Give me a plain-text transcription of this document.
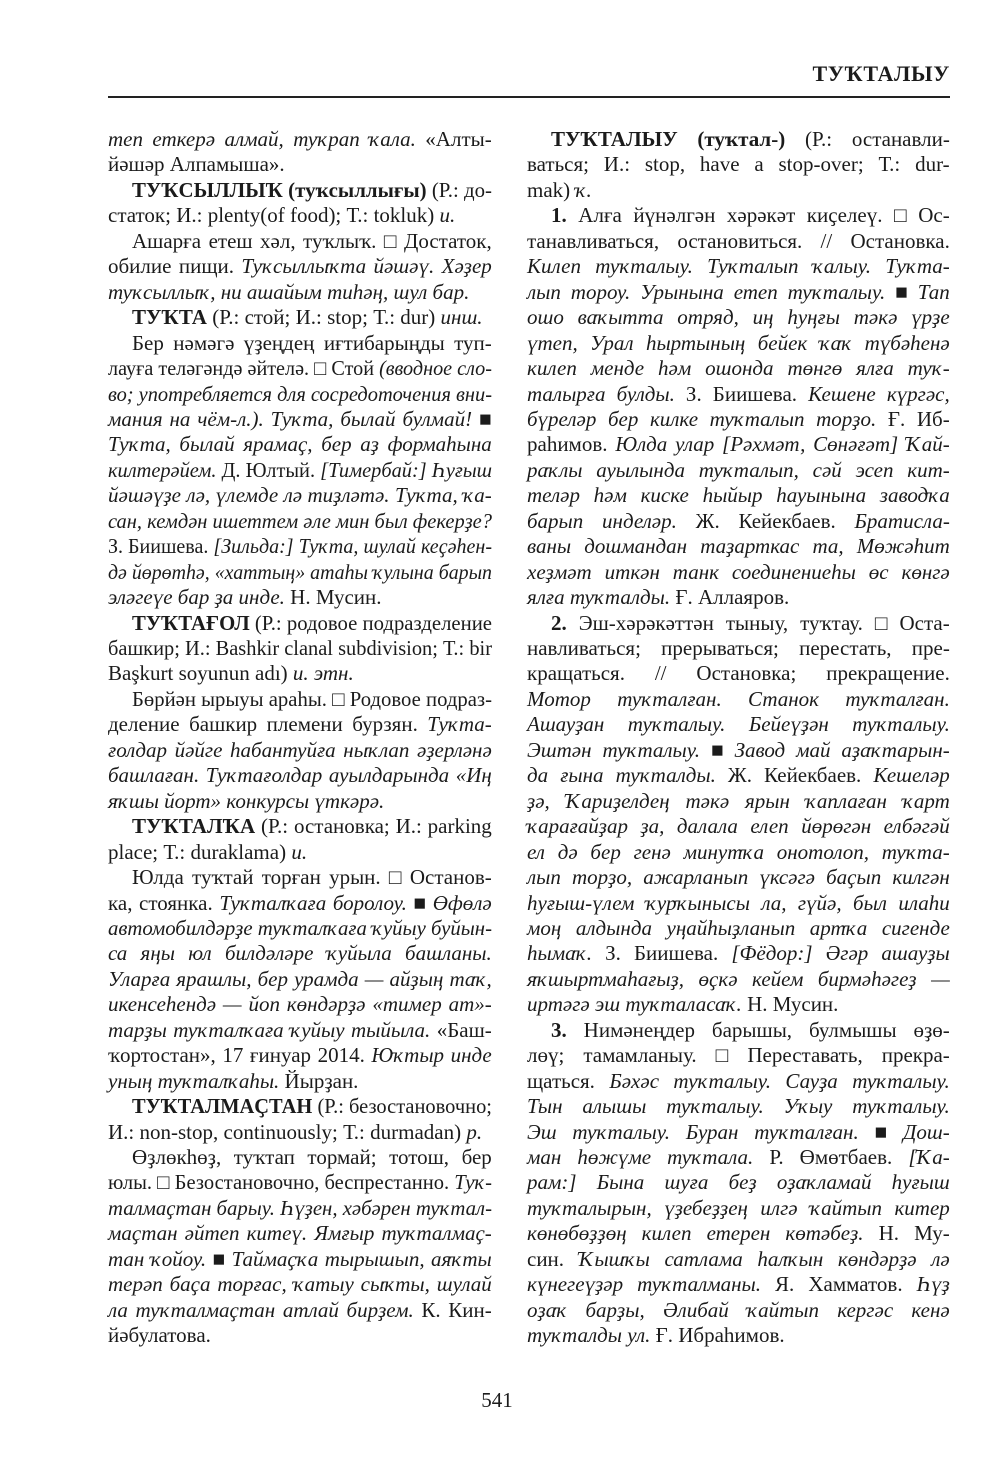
ТУҠТАЛЫУ
теп еткерә алмай, туҡрап ҡала. «Алты-
йәшәр Алпамыша».
ТУҠСЫЛЛЫҠ (туҡсыллығы) (Р.: до-
статок; И.: plenty(of food); Т.: tokluk) и.
Ашарға етеш хәл, туҡлыҡ. □ Достаток,
обилие пищи. Туҡсыллыҡта йәшәү. Хәҙер
туҡсыллыҡ, ни ашайым тиһәң, шул бар.
ТУҠТА (Р.: стой; И.: stop; Т.: dur) инш.
Бер нәмәгә үҙеңдең иғтибарыңды туп-
лауға теләгәндә әйтелә. □ Стой (вводное сло-
во; употребляется для сосредоточения вни-
мания на чём-л.). Туҡта, былай булмай! ■
Туҡта, былай ярамаҫ, бер аҙ формаһына
килтерәйем. Д. Юлтый. [Тимербай:] Һуғыш
йәшәүҙе лә, үлемде лә тиҙләтә. Туҡта, ҡа-
сан, кемдән ишеттем әле мин был фекерҙе?
З. Биишева. [Зильда:] Туҡта, шулай кеҫәһен-
дә йөрөтһә, «хаттың» атаһы ҡулына барып
эләгеүе бар ҙа инде. Н. Мусин.
ТУҠТАҒОЛ (Р.: родовое подразделение
башкир; И.: Bashkir clanal subdivision; Т.: bir
Başkurt soyunun adı) и. этн.
Бөрйән ырыуы араһы. □ Родовое подраз-
деление башкир племени бурзян. Туҡта-
ғолдар йәйге һабантуйға ныҡлап әҙерләнә
башлаған. Туҡтағолдар ауылдарында «Иң
яҡшы йорт» конкурсы үткәрә.
ТУҠТАЛҠА (Р.: остановка; И.: parking
place; Т.: duraklama) и.
Юлда туҡтай торған урын. □ Останов-
ка, стоянка. Туҡталҡаға боролоу. ■ Өфөлә
автомобилдәрҙе туҡталҡаға ҡуйыу буйын-
са яңы юл билдәләре ҡуйыла башланы.
Уларға ярашлы, бер урамда — айҙың таҡ,
икенсеһендә — йоп көндәрҙә «тимер ат»-
тарҙы туҡталҡаға ҡуйыу тыйыла. «Баш-
ҡортостан», 17 ғинуар 2014. Юҡтыр инде
уның туҡталҡаһы. Йырҙан.
ТУҠТАЛМАҪТАН (Р.: безостановочно;
И.: non-stop, continuously; Т.: durmadan) р.
Өҙлөкһөҙ, туҡтап тормай; тотош, бер
юлы. □ Безостановочно, беспрестанно. Туҡ-
талмаҫтан барыу. Һүҙен, хәбәрен туҡтал-
маҫтан әйтеп китеү. Ямғыр туҡталмаҫ-
тан ҡойоу. ■ Таймаҫҡа тырышып, аяҡты
терәп баҫа торғас, ҡатыу сыҡты, шулай
ла туҡталмаҫтан атлай бирҙем. К. Кин-
йәбулатова.
ТУҠТАЛЫУ (туҡтал-) (Р.: останавли-
ваться; И.: stop, have a stop-over; Т.: dur-
mak) ҡ.
1. Алға йүнәлгән хәрәкәт киҫелеү. □ Ос-
танавливаться, остановиться. // Остановка.
Килеп туҡталыу. Туҡталып ҡалыу. Туҡта-
лып тороу. Урынына етеп туҡталыу. ■ Тап
ошо ваҡытта отряд, иң һуңғы тәкә үрҙе
үтеп, Урал һыртының бейек ҡаҡ түбәһенә
килеп менде һәм ошонда төнгө ялға туҡ-
талырға булды. З. Биишева. Кешене күргәс,
бүреләр бер килке туҡталып торҙо. Ғ. Иб-
раһимов. Юлда улар [Рәхмәт, Сөнәғәт] Ҡай-
раҡлы ауылында туҡталып, сәй эсеп кит-
теләр һәм киске һыйыр һауынына заводҡа
барып инделәр. Ж. Кейекбаев. Братисла-
ваны дошмандан таҙарткас та, Мөжәһит
хеҙмәт иткән танк соединениеһы өс көнгә
ялға туҡталды. Ғ. Аллаяров.
2. Эш-хәрәкәттән тыныу, туҡтау. □ Оста-
навливаться; прерываться; перестать, пре-
кращаться. // Остановка; прекращение.
Мотор туҡталған. Станок туҡталған.
Ашауҙан туҡталыу. Бейеүҙән туҡталыу.
Эштән туҡталыу. ■ Завод май аҙаҡтарын-
да ғына туҡталды. Ж. Кейекбаев. Кешеләр
ҙә, Ҡариҙелдең тәкә ярын ҡаплаған ҡарт
ҡарағайҙар ҙа, далала елеп йөрөгән елбәгәй
ел дә бер генә минутҡа онотолоп, туҡта-
лып торҙо, ажарланып үксәгә баҫып килгән
һуғыш-үлем ҡурҡынысы ла, гүйә, был илаһи
моң алдында уңайһыҙланып артҡа сигенде
һымаҡ. З. Биишева. [Фёдор:] Әгәр ашауҙы
яҡшыртмаһағыҙ, өҫкә кейем бирмәһәгеҙ —
иртәгә эш туҡталасаҡ. Н. Мусин.
3. Нимәнеңдер барышы, булмышы өҙө-
лөү; тамамланыу. □ Переставать, прекра-
щаться. Бәхәс туҡталыу. Сауҙа туҡталыу.
Тын алышы туҡталыу. Уҡыу туҡталыу.
Эш туҡталыу. Буран туҡталған. ■ Дош-
ман һөжүме туҡтала. Р. Өмөтбаев. [Ҡа-
рам:] Бына шуға беҙ оҙаҡламай һуғыш
туҡталырын, үҙебеҙҙең илгә ҡайтып китер
көнөбөҙҙөң килеп етерен көтәбеҙ. Н. Му-
син. Ҡышҡы сатлама һалҡын көндәрҙә лә
күнегеүҙәр туҡталманы. Я. Хамматов. Һүҙ
оҙаҡ барҙы, Әлибай ҡайтып кергәс кенә
туҡталды ул. Ғ. Ибраһимов.
541
